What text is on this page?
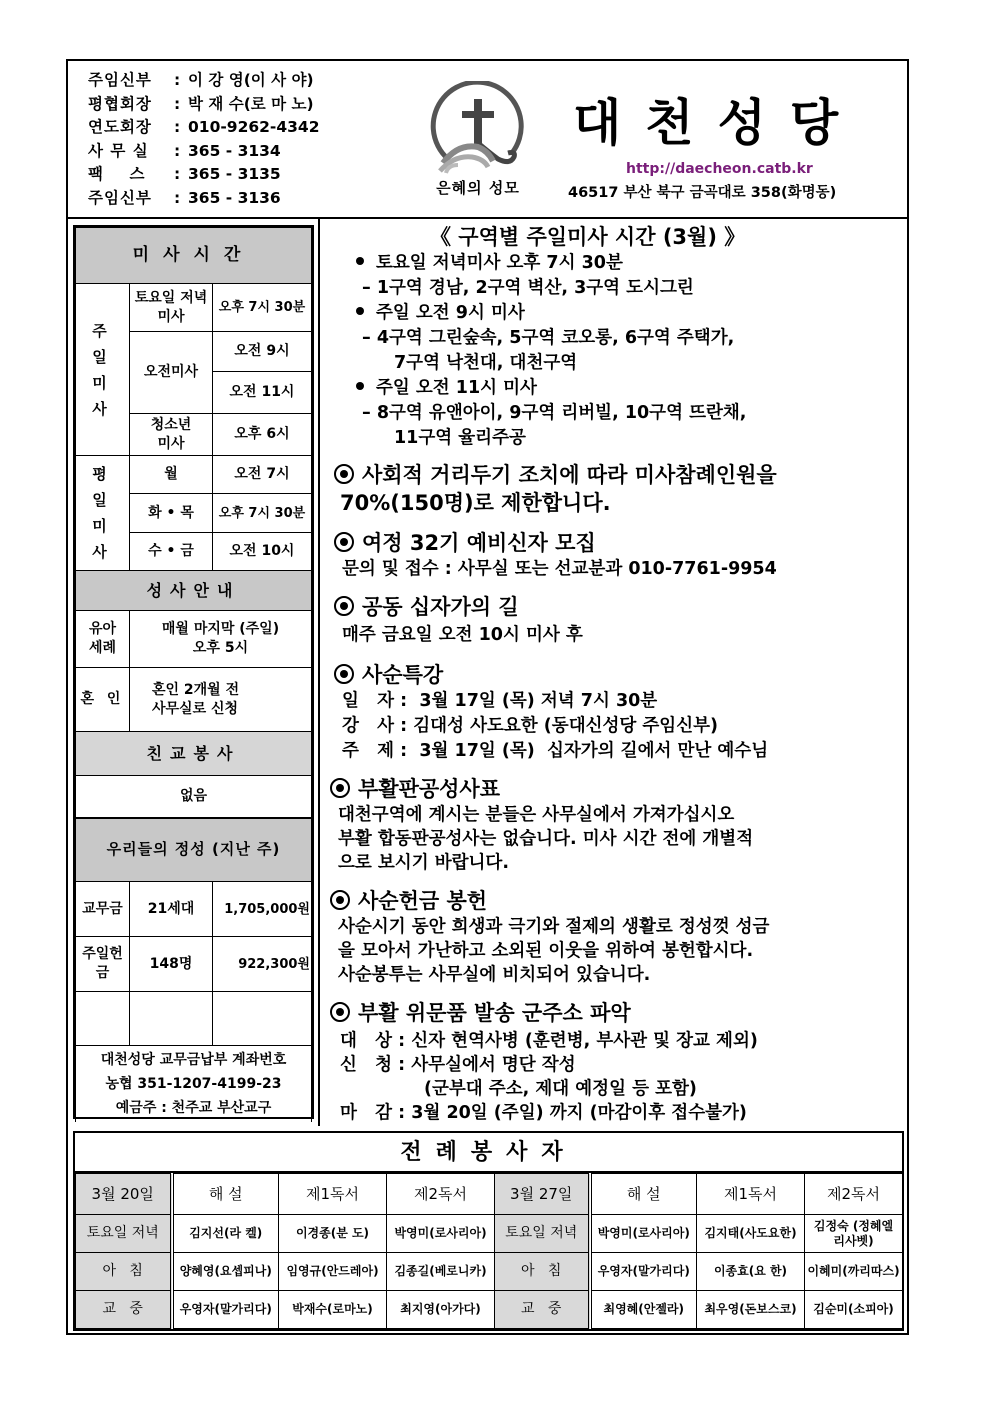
주임신부	: 이 강 영(이 사 야)
평협회장	: 박 재 수(로 마 노)
연도회장	: 010-9262-4342
사 무 실	: 365 - 3134
팩    스	: 365 - 3135
주임신부	: 365 - 3136
은혜의 성모
대천성당
http://daecheon.catb.kr
46517 부산 북구 금곡대로 358(화명동)
미사시간		
주 일 미 사	토요일 저녁미사	오후 7시 30분
	오전미사	오전 9시
		오전 11시
	청소년 미사	오후 6시
평 일 미 사	월	오전 7시
	화 • 목	오후 7시 30분
	수 • 금	오전 10시
성사안내		
유아 세례	매월 마지막 (주일)
오후 5시	

혼 인	혼인 2개월 전
사무실로 신청	

친교봉사		
없음		
우리들의 정성 (지난 주)		
교무금	21세대	1,705,000원
주일헌금	148명	922,300원

대천성당 교무금납부 계좌번호
농협 351-1207-4199-23
예금주 : 천주교 부산교구		
《 구역별 주일미사 시간 (3월) 》
토요일 저녁미사 오후 7시 30분
– 1구역 경남, 2구역 벽산, 3구역 도시그린
주일 오전 9시 미사
– 4구역 그린숲속, 5구역 코오롱, 6구역 주택가,
7구역 낙천대, 대천구역
주일 오전 11시 미사
– 8구역 유앤아이, 9구역 리버빌, 10구역 뜨란채,
11구역 율리주공
사회적 거리두기 조치에 따라 미사참례인원을
70%(150명)로 제한합니다.
여정 32기 예비신자 모집
문의 및 접수 : 사무실 또는 선교분과 010-7761-9954
공동 십자가의 길
매주 금요일 오전 10시 미사 후
사순특강
일   자 :  3월 17일 (목) 저녁 7시 30분
강   사 : 김대성 사도요한 (동대신성당 주임신부)
주   제 :  3월 17일 (목)  십자가의 길에서 만난 예수님
부활판공성사표
대천구역에 계시는 분들은 사무실에서 가져가십시오
부활 합동판공성사는 없습니다. 미사 시간 전에 개별적
으로 보시기 바랍니다.
사순헌금 봉헌
사순시기 동안 희생과 극기와 절제의 생활로 정성껏 성금
을 모아서 가난하고 소외된 이웃을 위하여 봉헌합시다.
사순봉투는 사무실에 비치되어 있습니다.
부활 위문품 발송 군주소 파악
대   상 : 신자 현역사병 (훈련병, 부사관 및 장교 제외)
신   청 : 사무실에서 명단 작성
(군부대 주소, 제대 예정일 등 포함)
마   감 : 3월 20일 (주일) 까지 (마감이후 접수불가)
전례봉사자
3월 20일	해 설	제1독서	제2독서	3월 27일	해 설	제1독서	제2독서
토요일 저녁	김지선(라 켈)	이경종(분 도)	박영미(로사리아)	토요일 저녁	박영미(로사리아)	김지태(사도요한)	김정숙 (정혜엘리사벳)
아   침	양혜영(요셉피나)	임영규(안드레아)	김종길(베로니카)	아   침	우영자(말가리다)	이종효(요 한)	이혜미(까리따스)
교   중	우영자(말가리다)	박재수(로마노)	최지영(아가다)	교   중	최영혜(안젤라)	최우영(돈보스코)	김순미(소피아)
